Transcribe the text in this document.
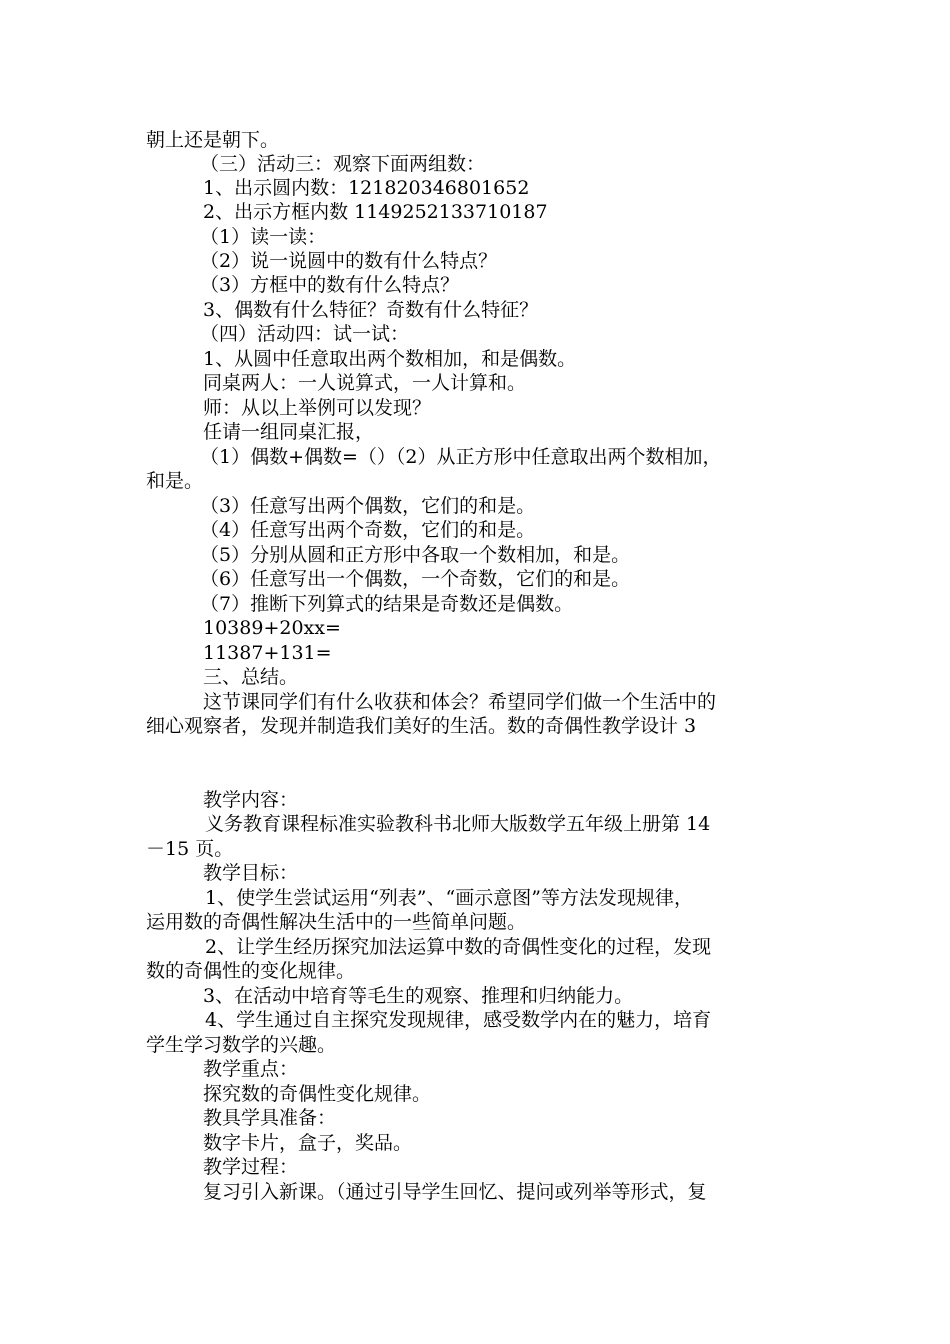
朝上还是朝下。
（三）活动三：观察下面两组数：
1、出示圆内数：121820346801652
2、出示方框内数 1149252133710187
（1）读一读：
（2）说一说圆中的数有什么特点？
（3）方框中的数有什么特点？
3、偶数有什么特征？奇数有什么特征？
（四）活动四：试一试：
1、从圆中任意取出两个数相加，和是偶数。
同桌两人：一人说算式，一人计算和。
师：从以上举例可以发现？
任请一组同桌汇报，
（1）偶数+偶数=（）（2）从正方形中任意取出两个数相加，
和是。
（3）任意写出两个偶数，它们的和是。
（4）任意写出两个奇数，它们的和是。
（5）分别从圆和正方形中各取一个数相加，和是。
（6）任意写出一个偶数，一个奇数，它们的和是。
（7）推断下列算式的结果是奇数还是偶数。
10389+20xx=
11387+131=
三、总结。
这节课同学们有什么收获和体会？希望同学们做一个生活中的
细心观察者，发现并制造我们美好的生活。数的奇偶性教学设计 3
教学内容：
义务教育课程标准实验教科书北师大版数学五年级上册第 14
－15 页。
教学目标：
1、使学生尝试运用“列表”、“画示意图”等方法发现规律，
运用数的奇偶性解决生活中的一些简单问题。
2、让学生经历探究加法运算中数的奇偶性变化的过程，发现
数的奇偶性的变化规律。
3、在活动中培育等毛生的观察、推理和归纳能力。
4、学生通过自主探究发现规律，感受数学内在的魅力，培育
学生学习数学的兴趣。
教学重点：
探究数的奇偶性变化规律。
教具学具准备：
数字卡片，盒子，奖品。
教学过程：
复习引入新课。（通过引导学生回忆、提问或列举等形式，复
